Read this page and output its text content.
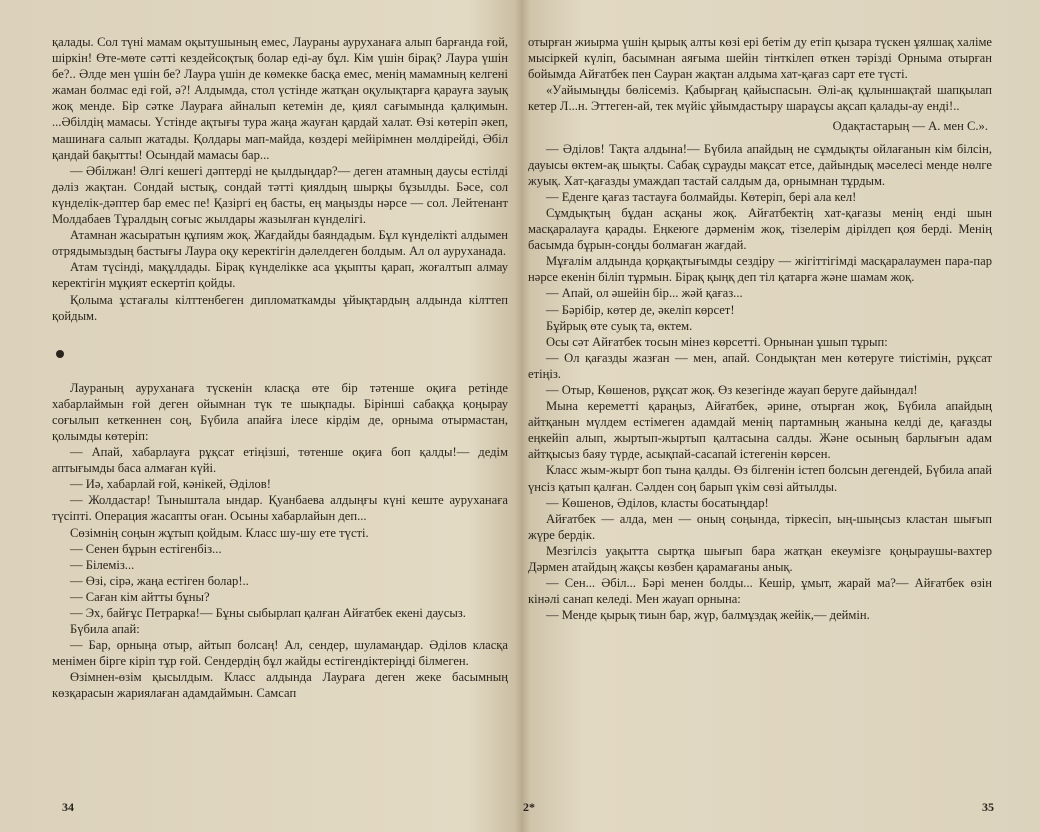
қалады. Сол түні мамам оқытушының емес, Лаураны ауруханаға алып барғанда ғой, шіркін! Өте-мөте сәтті кездейсоқтық болар еді-ау бұл. Кім үшін бірақ? Лаура үшін бе?.. Әлде мен үшін бе? Лаура үшін де көмекке басқа емес, менің мамамның келгені жаман болмас еді ғой, ә?! Алдымда, стол үстінде жатқан оқулықтарға қарауға зауық жоқ менде. Бір сәтке Лаураға айналып кетемін де, қиял сағымында қалқимын. ...Әбілдің мамасы. Үстінде ақтығы тура жаңа жауған қардай халат. Өзі көтеріп әкеп, машинаға салып жатады. Қолдары мап-майда, көздері мейірімнен мөлдірейді, Әбіл қандай бақытты! Осындай мамасы бар...

— Әбілжан! Әлгі кешегі дәптерді не қылдыңдар?— деген атамның даусы естілді дәліз жақтан. Сондай ыстық, сондай тәтті қиялдың шырқы бұзылды. Бәсе, сол күнделік-дәптер бар емес пе! Қазіргі ең басты, ең маңызды нәрсе — сол. Лейтенант Молдабаев Тұралдың соғыс жылдары жазылған күнделігі.

Атамнан жасыратын құпиям жоқ. Жағдайды баяндадым. Бұл күнделікті алдымен отрядымыздың бастығы Лаура оқу керектігін дәлелдеген болдым. Ал ол ауруханада.

Атам түсінді, мақұлдады. Бірақ күнделікке аса ұқыпты қарап, жоғалтып алмау керектігін мұқият ескертіп қойды.

Қолыма ұстағалы кілттенбеген дипломаткамды ұйықтардың алдында кілттеп қойдым.

Лаураның ауруханаға түскенін класқа өте бір тәтенше оқиға ретінде хабарлаймын ғой деген ойымнан түк те шықпады. Бірінші сабаққа қоңырау соғылып кеткеннен соң, Бүбила апайға ілесе кірдім де, орныма отырмастан, қолымды көтеріп:

— Апай, хабарлауға рұқсат етіңізші, төтенше оқиға боп қалды!— дедім аптығымды баса алмаған күйі.

— Иә, хабарлай ғой, кәнікей, Әділов!

— Жолдастар! Тыныштала ындар. Қуанбаева алдыңғы күні кеште ауруханаға түсіпті. Операция жасапты оған. Осыны хабарлайын деп...

Сөзімнің соңын жұтып қойдым. Класс шу-шу ете түсті.

— Сенен бұрын естігенбіз...

— Білеміз...

— Өзі, сірә, жаңа естіген болар!..

— Саған кім айтты бұны?

— Эх, байғұс Петрарка!— Бұны сыбырлап қалған Айғатбек екені даусыз.

Бүбила апай:

— Бар, орныңа отыр, айтып болсаң! Ал, сендер, шуламаңдар. Әділов класқа менімен бірге кіріп тұр ғой. Сендердің бұл жайды естігендіктеріңді білмеген.

Өзімнен-өзім қысылдым. Класс алдында Лаураға деген жеке басымның көзқарасын жариялаған адамдаймын. Самсап

отырған жиырма үшін қырық алты көзі ері бетім ду етіп қызара түскен ұялшақ халіме мысіркей күліп, басымнан аяғыма шейін тінткілеп өткен тәрізді Орныма отырған бойымда Айғатбек пен Сауран жақтан алдыма хат-қағаз сарт ете түсті.

«Уайымыңды бөлісеміз. Қабырғаң қайыспасын. Әлі-ақ құлыншақтай шапқылап кетер Л...н. Эттеген-ай, тек мүйіс ұйымдастыру шараұсы ақсап қалады-ау енді!..

Одақтастарың — А. мен С.».

— Әділов! Тақта алдына!— Бүбила апайдың не сұмдықты ойлағанын кім білсін, дауысы өктем-ақ шықты. Сабақ сұрауды мақсат етсе, дайындық мәселесі менде нөлге жуық. Хат-қағазды умаждап тастай салдым да, орнымнан тұрдым.

— Еденге қағаз тастауға болмайды. Көтеріп, бері ала кел!

Сұмдықтың бұдан асқаны жоқ. Айғатбектің хат-қағазы менің енді шын масқаралауға қарады. Еңкеюге дәрменім жоқ, тізелерім дірілдеп қоя берді. Менің басымда бұрын-соңды болмаған жағдай.

Мұғалім алдында қорқақтығымды сездіру — жігіттігімді масқаралаумен пара-пар нәрсе екенін біліп тұрмын. Бірақ қыңқ деп тіл қатарға және шамам жоқ.

— Апай, ол әшейін бір... жәй қағаз...

— Бәрібір, көтер де, әкеліп көрсет!

Бұйрық өте суық та, өктем.

Осы сәт Айғатбек тосын мінез көрсетті. Орнынан ұшып тұрып:

— Ол қағазды жазған — мен, апай. Сондықтан мен көтеруге тиістімін, рұқсат етіңіз.

— Отыр, Көшенов, рұқсат жоқ. Өз кезегінде жауап беруге дайындал!

Мына кереметті қараңыз, Айғатбек, әрине, отырған жоқ, Бүбила апайдың айтқанын мүлдем естімеген адамдай менің партамның жанына келді де, қағазды еңкейіп алып, жыртып-жыртып қалтасына салды. Және осының барлығын адам айтқысыз баяу түрде, асықпай-сасапай істегенін көрсен.

Класс жым-жырт боп тына қалды. Өз білгенін істеп болсын дегендей, Бүбила апай үнсіз қатып қалған. Сәлден соң барып үкім сөзі айтылды.

— Көшенов, Әділов, класты босатыңдар!

Айғатбек — алда, мен — оның соңында, тіркесіп, ың-шыңсыз кластан шығып жүре бердік.

Мезгілсіз уақытта сыртқа шығып бара жатқан екеумізге қоңыраушы-вахтер Дәрмен атайдың жақсы көзбен қарамағаны анық.

— Сен... Әбіл... Бәрі менен болды... Кешір, ұмыт, жарай ма?— Айғатбек өзін кінәлі санап келеді. Мен жауап орнына:

— Менде қырық тиын бар, жүр, балмұздақ жейік,— деймін.

34	2*	35
